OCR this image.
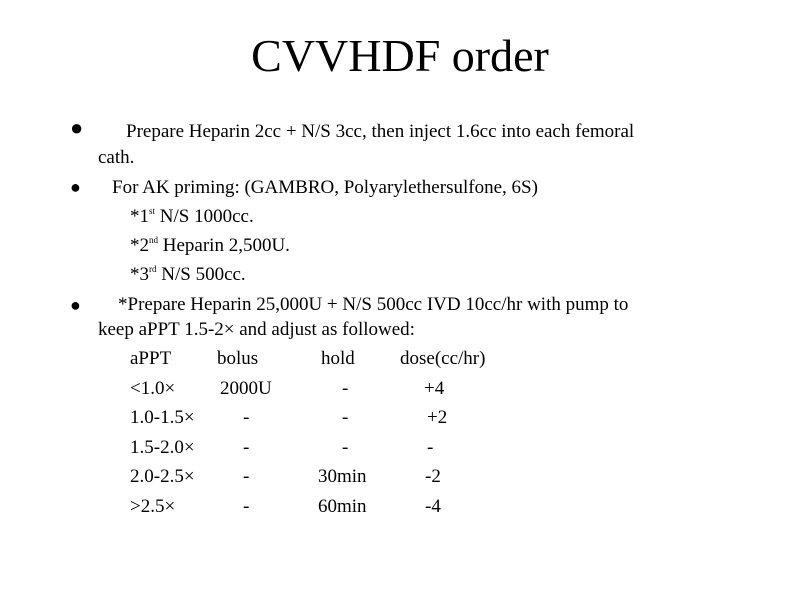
CVVHDF order
● Prepare Heparin 2cc + N/S 3cc, then inject 1.6cc into each femoral
cath.
● For AK priming: (GAMBRO, Polyarylethersulfone, 6S)
*1st N/S 1000cc.
*2nd Heparin 2,500U.
*3rd N/S 500cc.
● *Prepare Heparin 25,000U + N/S 500cc IVD 10cc/hr with pump to
keep aPPT 1.5-2× and adjust as followed:
aPPT bolus	hold dose(cc/hr)
<1.0× 2000U	-	+4
1.0-1.5×	-	-	+2
1.5-2.0×	-	-	-
2.0-2.5×	-	30min	-2
>2.5×	-	60min	-4
